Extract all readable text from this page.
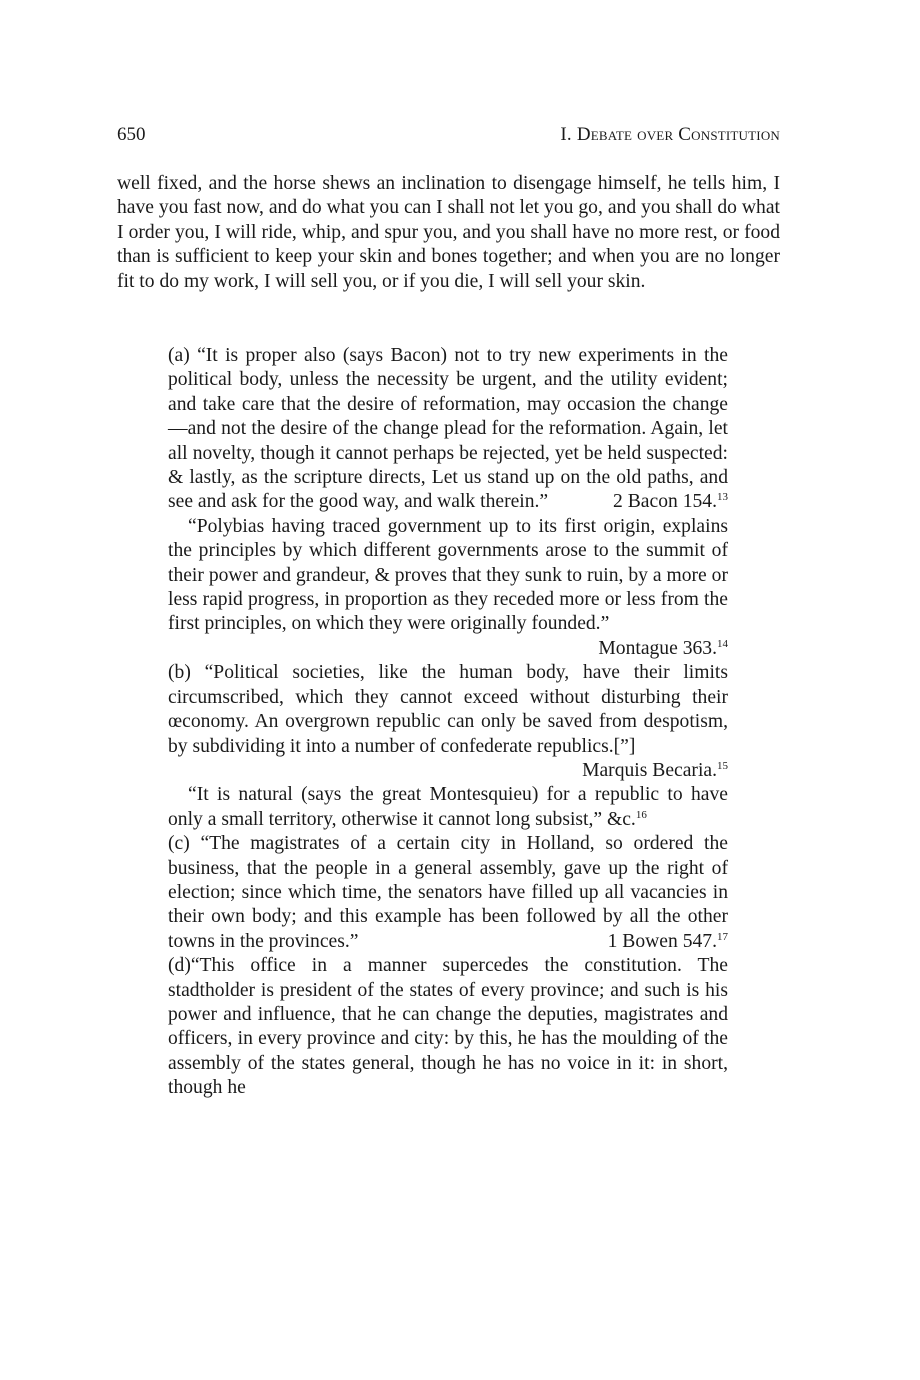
650	I. Debate over Constitution

well fixed, and the horse shews an inclination to disengage himself, he tells him, I have you fast now, and do what you can I shall not let you go, and you shall do what I order you, I will ride, whip, and spur you, and you shall have no more rest, or food than is sufficient to keep your skin and bones together; and when you are no longer fit to do my work, I will sell you, or if you die, I will sell your skin.

(a) “It is proper also (says Bacon) not to try new experiments in the political body, unless the necessity be urgent, and the utility evident; and take care that the desire of reformation, may occasion the change—and not the desire of the change plead for the reformation. Again, let all novelty, though it cannot perhaps be rejected, yet be held suspected: & lastly, as the scripture directs, Let us stand up on the old paths, and see and ask for the good way, and walk therein.”	2 Bacon 154.13

“Polybias having traced government up to its first origin, explains the principles by which different governments arose to the summit of their power and grandeur, & proves that they sunk to ruin, by a more or less rapid progress, in proportion as they receded more or less from the first principles, on which they were originally founded.”
Montague 363.14

(b) “Political societies, like the human body, have their limits circumscribed, which they cannot exceed without disturbing their œconomy. An overgrown republic can only be saved from despotism, by subdividing it into a number of confederate republics.[”]
Marquis Becaria.$^{15}$

“It is natural (says the great Montesquieu) for a republic to have only a small territory, otherwise it cannot long subsist,” &c.$^{16}$

(c) “The magistrates of a certain city in Holland, so ordered the business, that the people in a general assembly, gave up the right of election; since which time, the senators have filled up all vacancies in their own body; and this example has been followed by all the other towns in the provinces.”	1 Bowen 547.17

(d)“This office in a manner supercedes the constitution. The stadtholder is president of the states of every province; and such is his power and influence, that he can change the deputies, magistrates and officers, in every province and city: by this, he has the moulding of the assembly of the states general, though he has no voice in it: in short, though he
